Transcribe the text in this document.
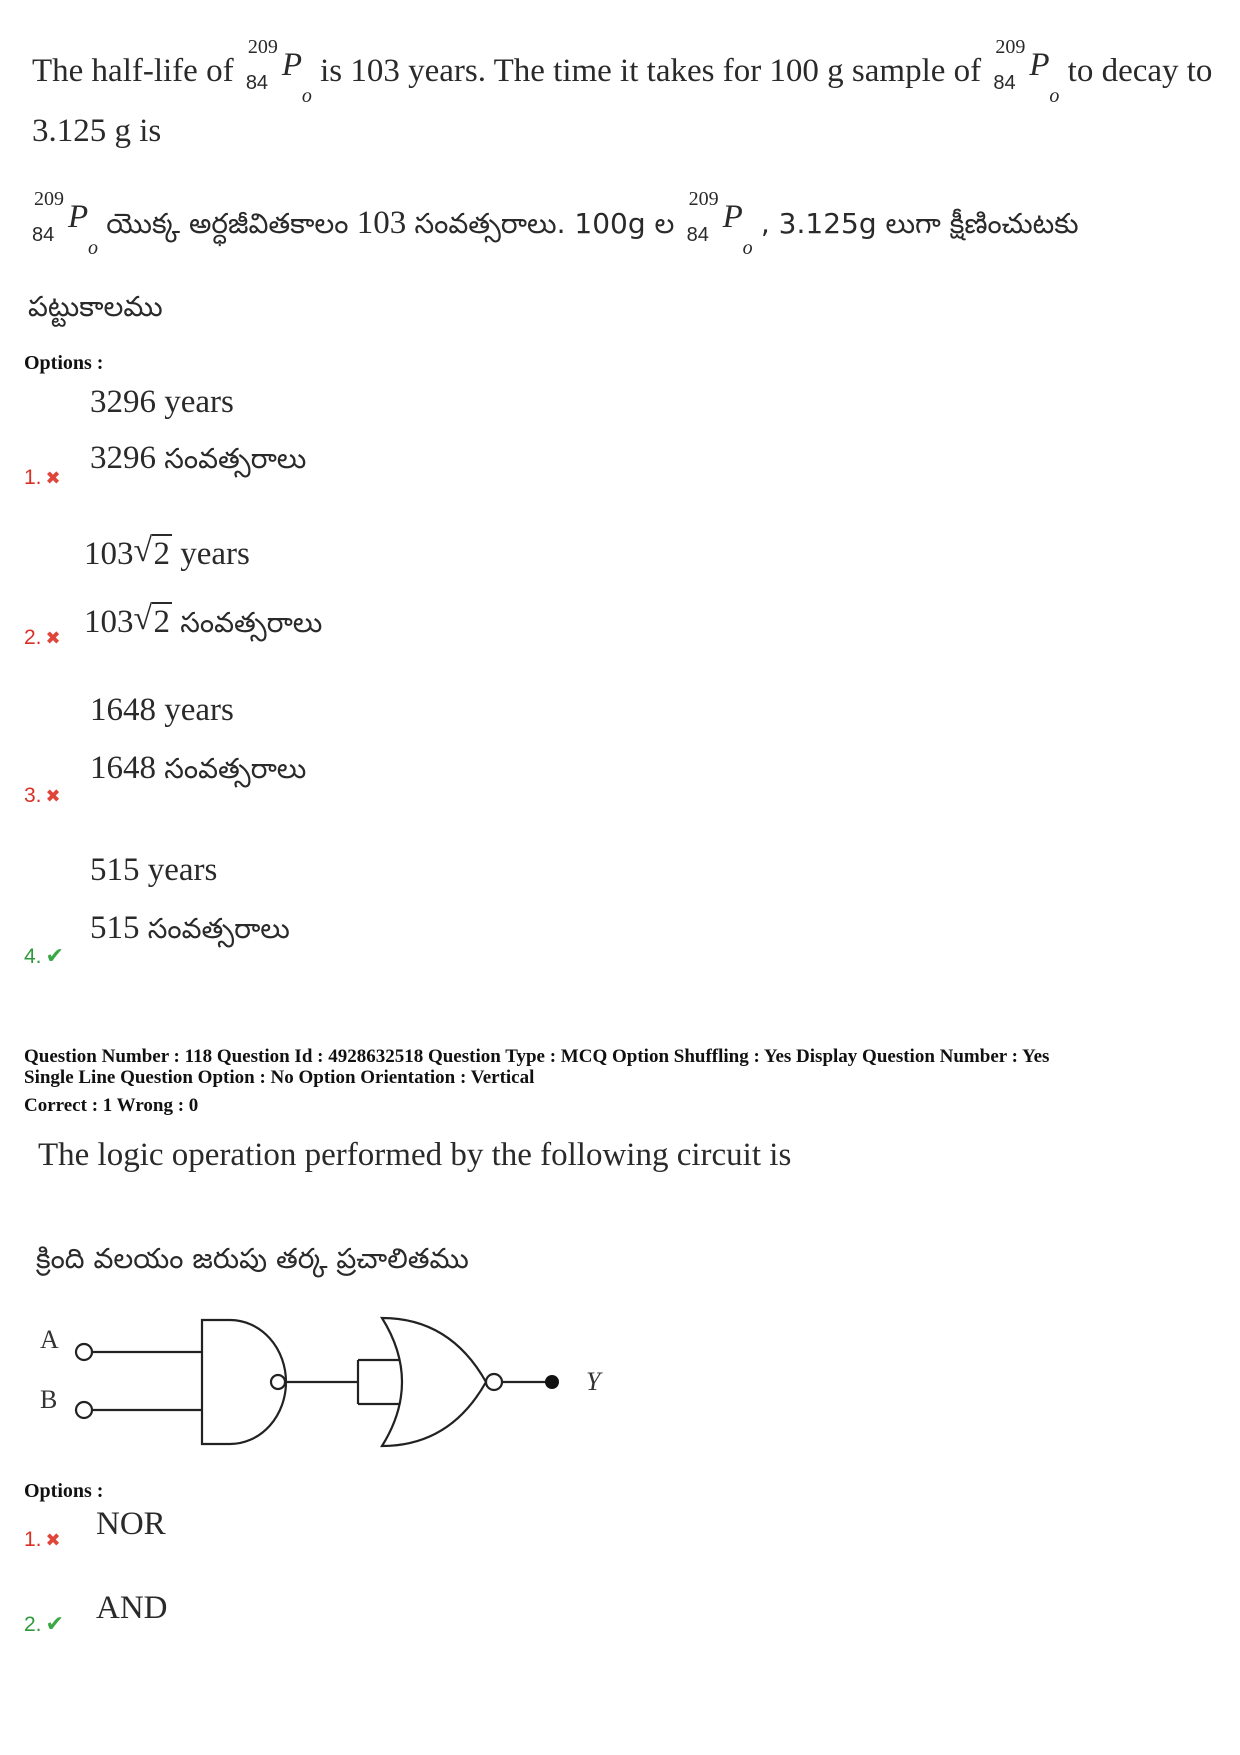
The half-life of
209
84 P
o
is 103 years. The time it takes for 100 g sample of
209
84 P
o
to decay to
3.125 g is
209
84 P
o
యొక్క అర్ధజీవితకాలం 103 సంవత్సరాలు. 100g ల
209
84 P
o
, 3.125g లుగా క్షీణించుటకు
పట్టుకాలము
Options :
3296 years
1. ✖
3296 సంవత్సరాలు
103 √ 2 years
2. ✖ 103 √ 2 సంవత్సరాలు
1648 years
3. ✖
1648 సంవత్సరాలు
515 years
4. ✔
515 సంవత్సరాలు
Question Number : 118 Question Id : 4928632518 Question Type : MCQ Option Shuffling : Yes Display Question Number : Yes
Single Line Question Option : No Option Orientation : Vertical
Correct : 1 Wrong : 0
The logic operation performed by the following circuit is
క్రింది వలయం జరుపు తర్క ప్రచాలితము
A
B
Y
Options :
1. ✖ NOR
2. ✔ AND
